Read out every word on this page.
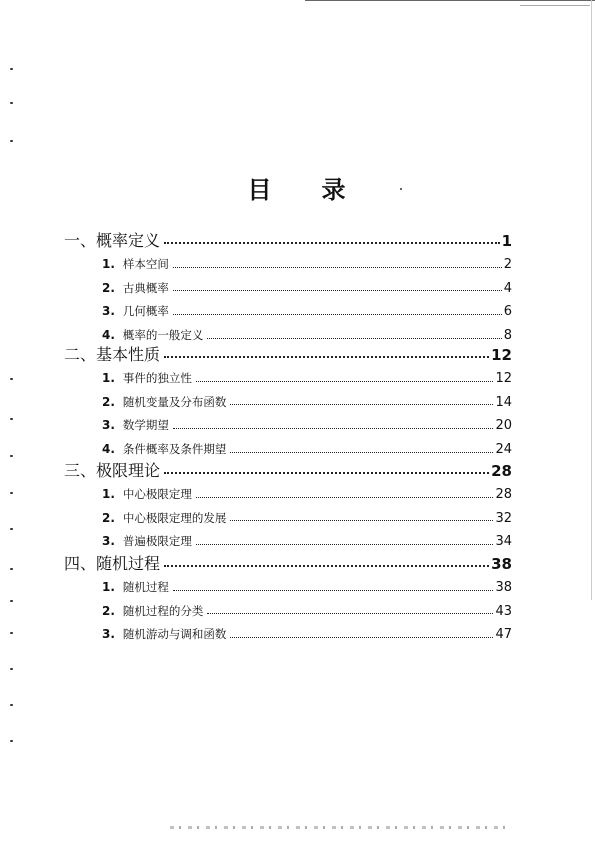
目 录
一、概率定义	1
1. 样本空间	2
2. 古典概率	4
3. 几何概率	6
4. 概率的一般定义	8
二、基本性质	12
1. 事件的独立性	12
2. 随机变量及分布函数	14
3. 数学期望	20
4. 条件概率及条件期望	24
三、极限理论	28
1. 中心极限定理	28
2. 中心极限定理的发展	32
3. 普遍极限定理	34
四、随机过程	38
1. 随机过程	38
2. 随机过程的分类	43
3. 随机游动与调和函数	47
